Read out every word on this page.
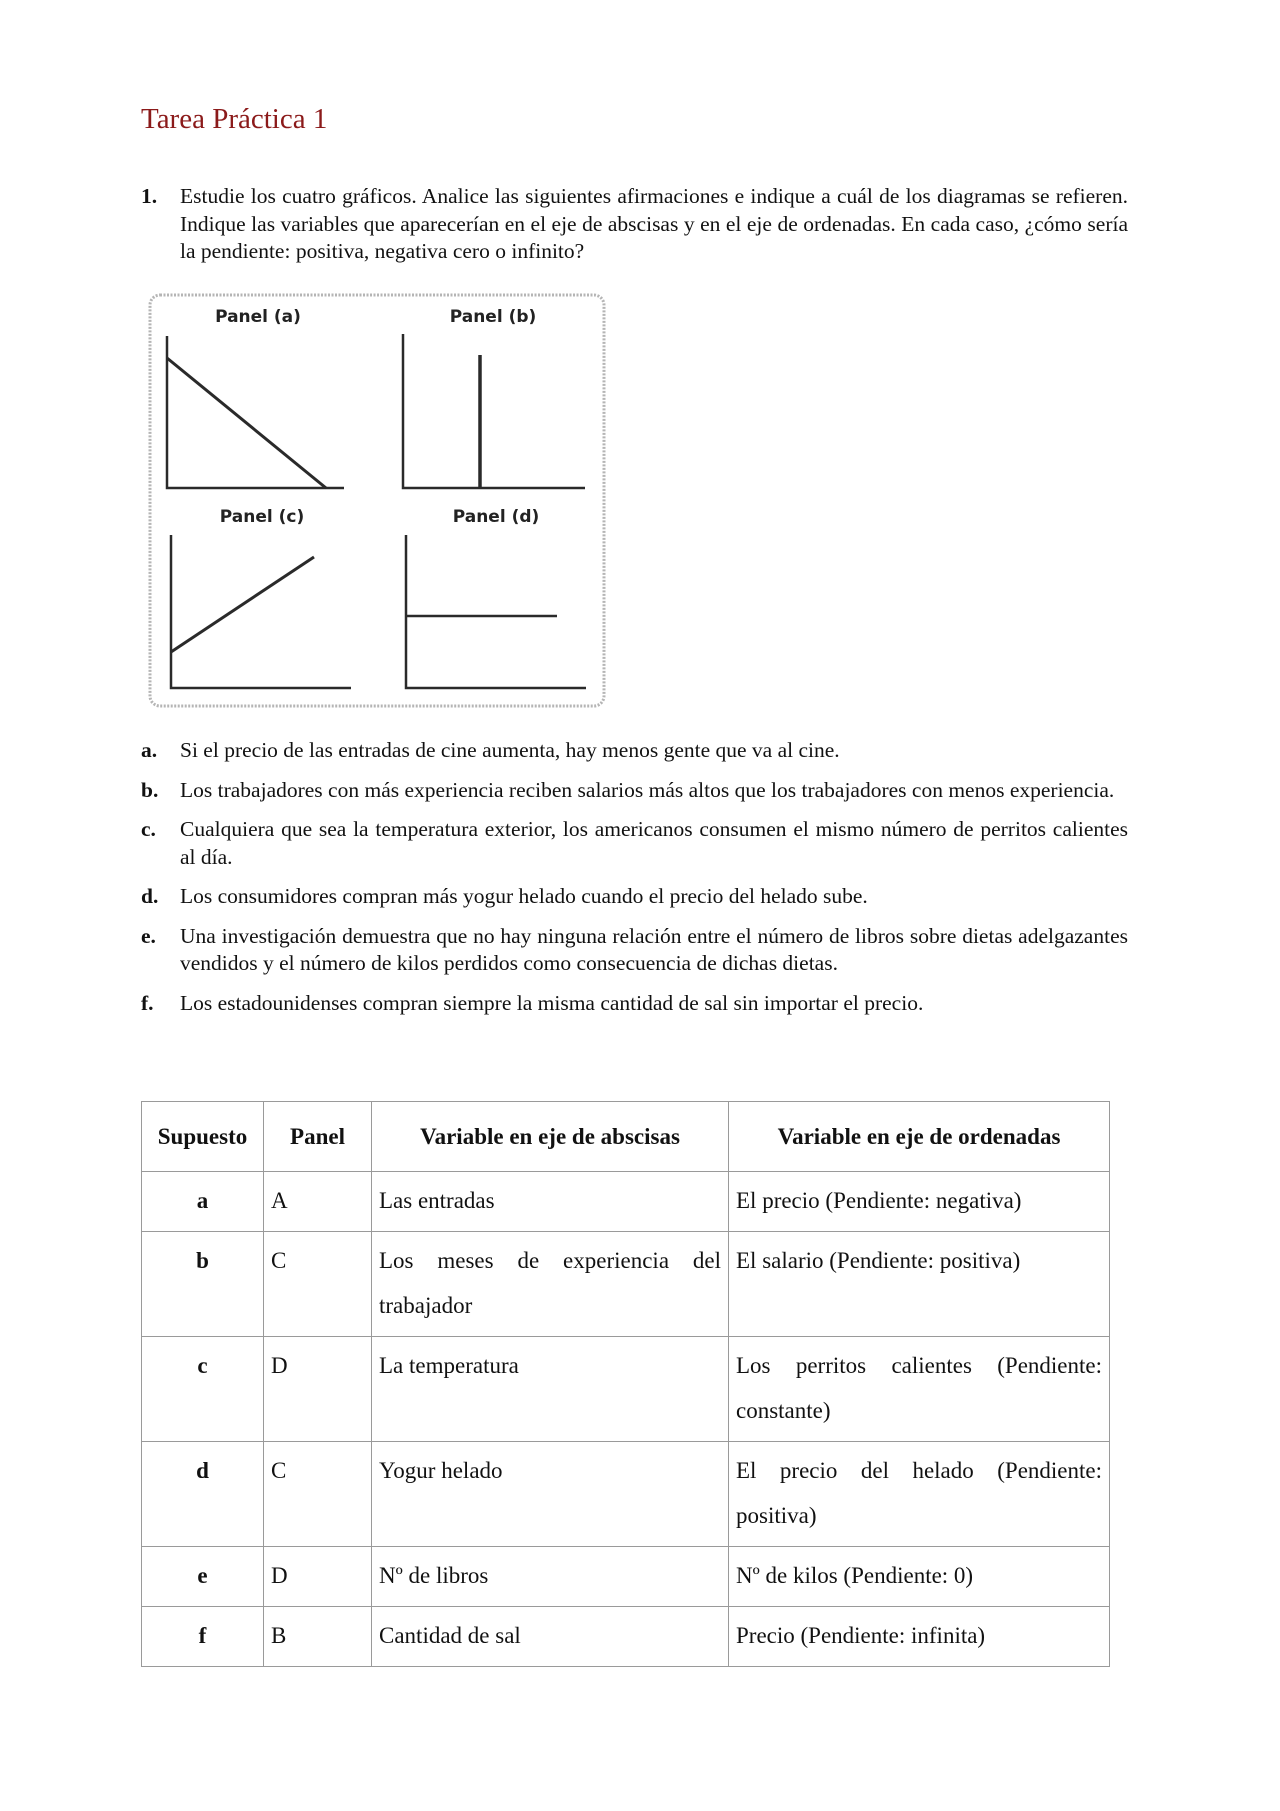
Tarea Práctica 1
1. Estudie los cuatro gráficos. Analice las siguientes afirmaciones e indique a cuál de los diagramas se refieren. Indique las variables que aparecerían en el eje de abscisas y en el eje de ordenadas. En cada caso, ¿cómo sería la pendiente: positiva, negativa cero o infinito?
Panel (a)	Panel (b)
Panel (c)	Panel (d)
a. Si el precio de las entradas de cine aumenta, hay menos gente que va al cine.
b. Los trabajadores con más experiencia reciben salarios más altos que los trabajadores con menos experiencia.
c. Cualquiera que sea la temperatura exterior, los americanos consumen el mismo número de perritos calientes al día.
d. Los consumidores compran más yogur helado cuando el precio del helado sube.
e. Una investigación demuestra que no hay ninguna relación entre el número de libros sobre dietas adelgazantes vendidos y el número de kilos perdidos como consecuencia de dichas dietas.
f. Los estadounidenses compran siempre la misma cantidad de sal sin importar el precio.
Supuesto	Panel	Variable en eje de abscisas	Variable en eje de ordenadas
a	A	Las entradas	El precio (Pendiente: negativa)
b	C	Los meses de experiencia del trabajador	El salario (Pendiente: positiva)
c	D	La temperatura	Los perritos calientes (Pendiente: constante)
d	C	Yogur helado	El precio del helado (Pendiente: positiva)
e	D	Nº de libros	Nº de kilos (Pendiente: 0)
f	B	Cantidad de sal	Precio (Pendiente: infinita)
